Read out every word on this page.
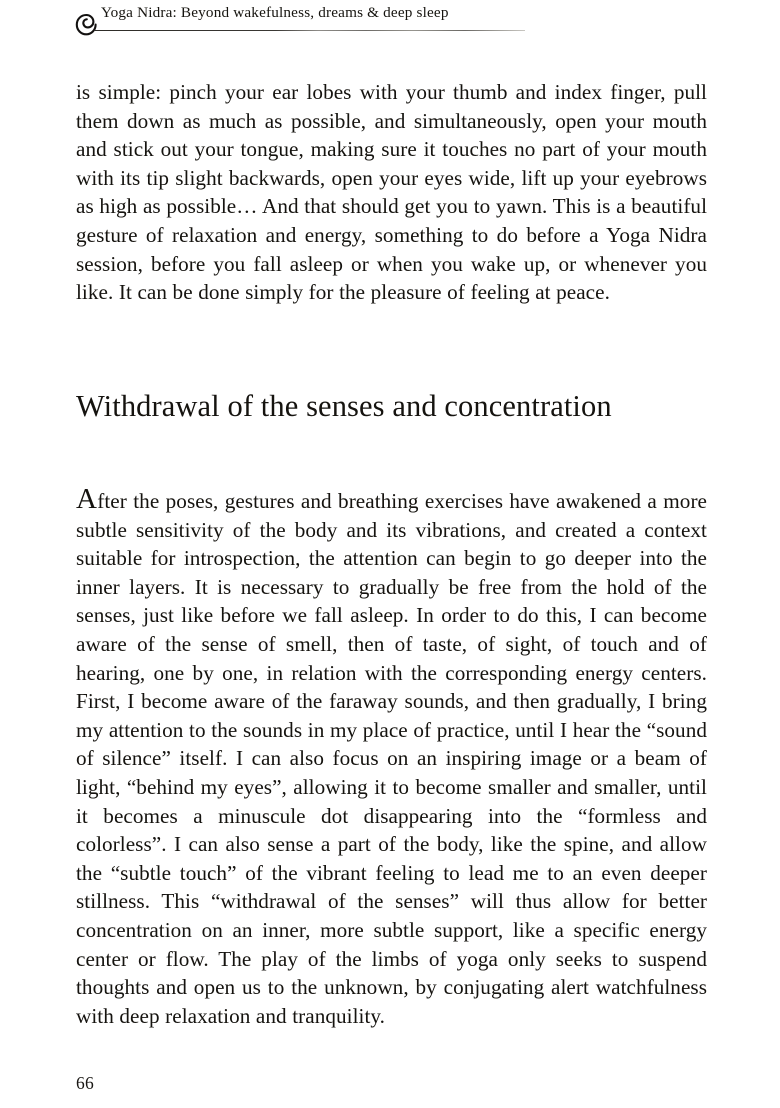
Yoga Nidra: Beyond wakefulness, dreams & deep sleep

is simple: pinch your ear lobes with your thumb and index finger, pull them down as much as possible, and simultaneously, open your mouth and stick out your tongue, making sure it touches no part of your mouth with its tip slight backwards, open your eyes wide, lift up your eyebrows as high as possible… And that should get you to yawn. This is a beautiful gesture of relaxation and energy, something to do before a Yoga Nidra session, before you fall asleep or when you wake up, or whenever you like. It can be done simply for the pleasure of feeling at peace.

Withdrawal of the senses and concentration

After the poses, gestures and breathing exercises have awakened a more subtle sensitivity of the body and its vibrations, and created a context suitable for introspection, the attention can begin to go deeper into the inner layers. It is necessary to gradually be free from the hold of the senses, just like before we fall asleep. In order to do this, I can become aware of the sense of smell, then of taste, of sight, of touch and of hearing, one by one, in relation with the corresponding energy centers. First, I become aware of the faraway sounds, and then gradually, I bring my attention to the sounds in my place of practice, until I hear the “sound of silence” itself. I can also focus on an inspiring image or a beam of light, “behind my eyes”, allowing it to become smaller and smaller, until it becomes a minuscule dot disappearing into the “formless and colorless”. I can also sense a part of the body, like the spine, and allow the “subtle touch” of the vibrant feeling to lead me to an even deeper stillness. This “withdrawal of the senses” will thus allow for better concentration on an inner, more subtle support, like a specific energy center or flow. The play of the limbs of yoga only seeks to suspend thoughts and open us to the unknown, by conjugating alert watchfulness with deep relaxation and tranquility.

66
